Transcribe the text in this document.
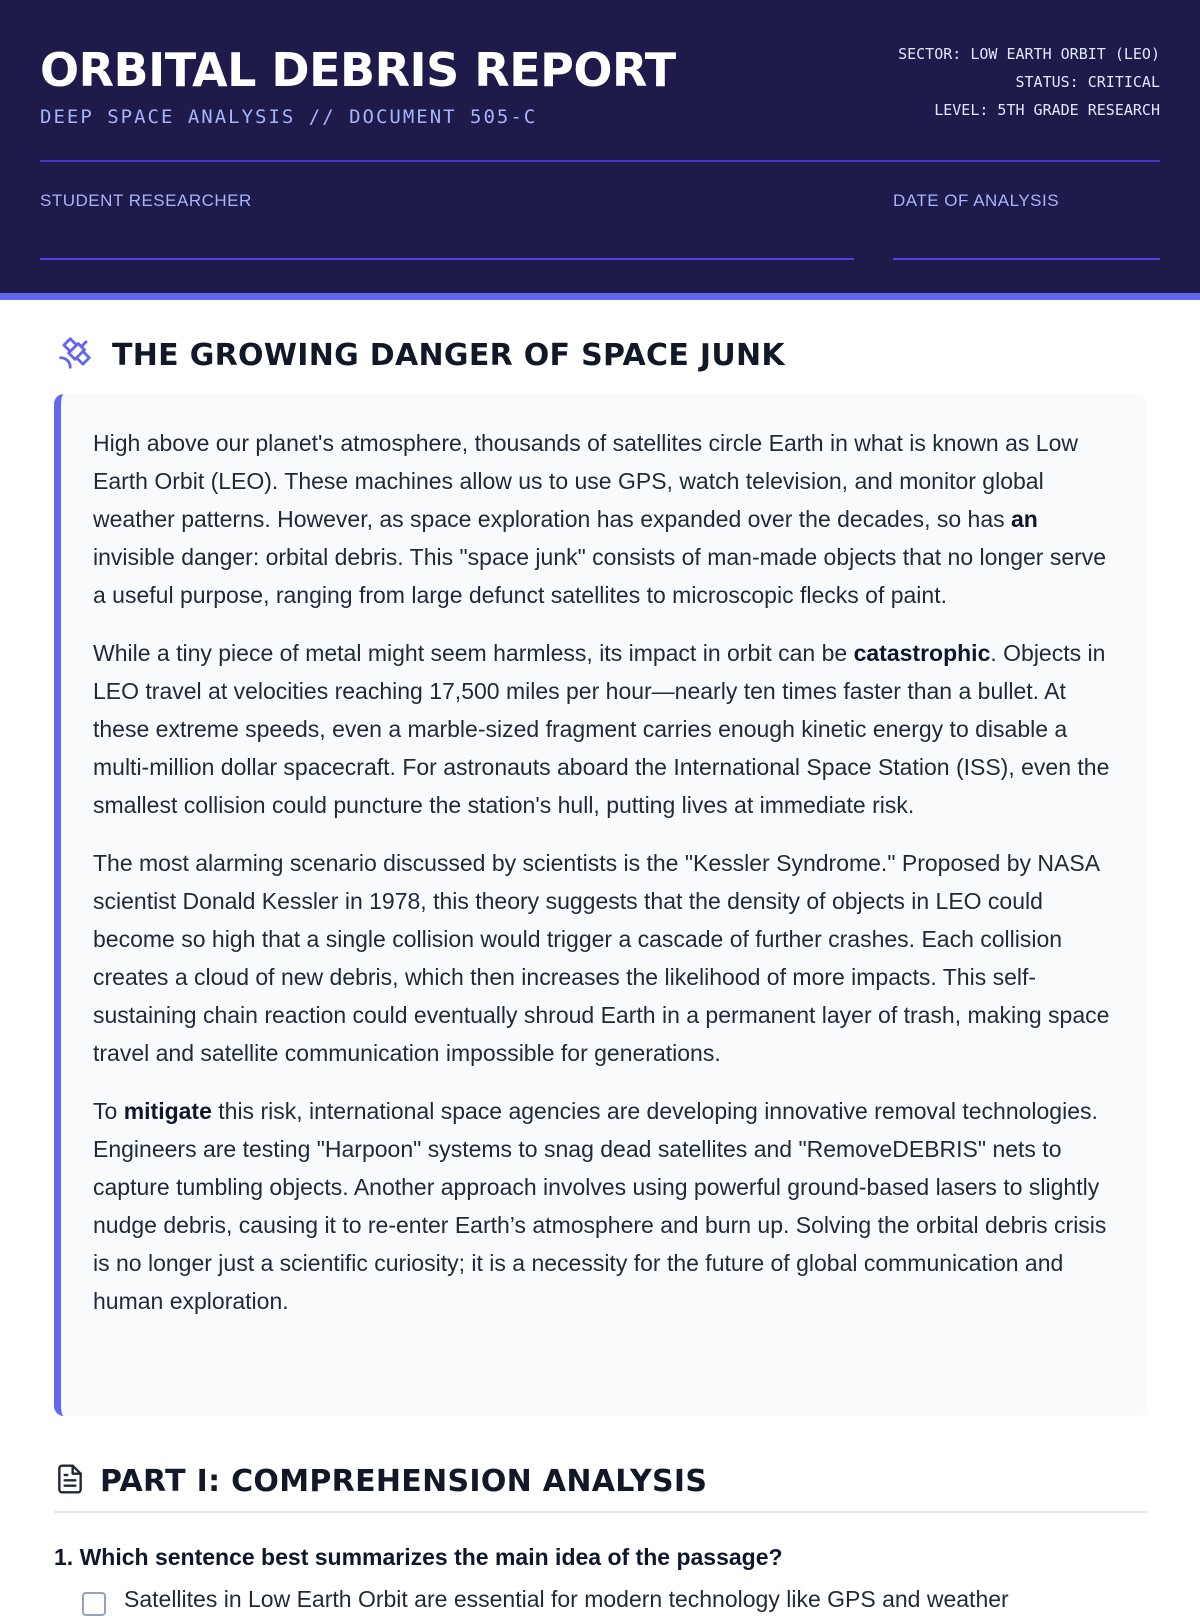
ORBITAL DEBRIS REPORT
DEEP SPACE ANALYSIS // DOCUMENT 505-C
SECTOR: LOW EARTH ORBIT (LEO)
STATUS: CRITICAL
LEVEL: 5TH GRADE RESEARCH
STUDENT RESEARCHER	DATE OF ANALYSIS
THE GROWING DANGER OF SPACE JUNK

High above our planet's atmosphere, thousands of satellites circle Earth in what is known as Low Earth Orbit (LEO). These machines allow us to use GPS, watch television, and monitor global weather patterns. However, as space exploration has expanded over the decades, so has an invisible danger: orbital debris. This "space junk" consists of man-made objects that no longer serve a useful purpose, ranging from large defunct satellites to microscopic flecks of paint.

While a tiny piece of metal might seem harmless, its impact in orbit can be catastrophic. Objects in LEO travel at velocities reaching 17,500 miles per hour—nearly ten times faster than a bullet. At these extreme speeds, even a marble-sized fragment carries enough kinetic energy to disable a multi-million dollar spacecraft. For astronauts aboard the International Space Station (ISS), even the smallest collision could puncture the station's hull, putting lives at immediate risk.

The most alarming scenario discussed by scientists is the "Kessler Syndrome." Proposed by NASA scientist Donald Kessler in 1978, this theory suggests that the density of objects in LEO could become so high that a single collision would trigger a cascade of further crashes. Each collision creates a cloud of new debris, which then increases the likelihood of more impacts. This self-sustaining chain reaction could eventually shroud Earth in a permanent layer of trash, making space travel and satellite communication impossible for generations.

To mitigate this risk, international space agencies are developing innovative removal technologies. Engineers are testing "Harpoon" systems to snag dead satellites and "RemoveDEBRIS" nets to capture tumbling objects. Another approach involves using powerful ground-based lasers to slightly nudge debris, causing it to re-enter Earth’s atmosphere and burn up. Solving the orbital debris crisis is no longer just a scientific curiosity; it is a necessity for the future of global communication and human exploration.

PART I: COMPREHENSION ANALYSIS
1. Which sentence best summarizes the main idea of the passage?
Satellites in Low Earth Orbit are essential for modern technology like GPS and weather
